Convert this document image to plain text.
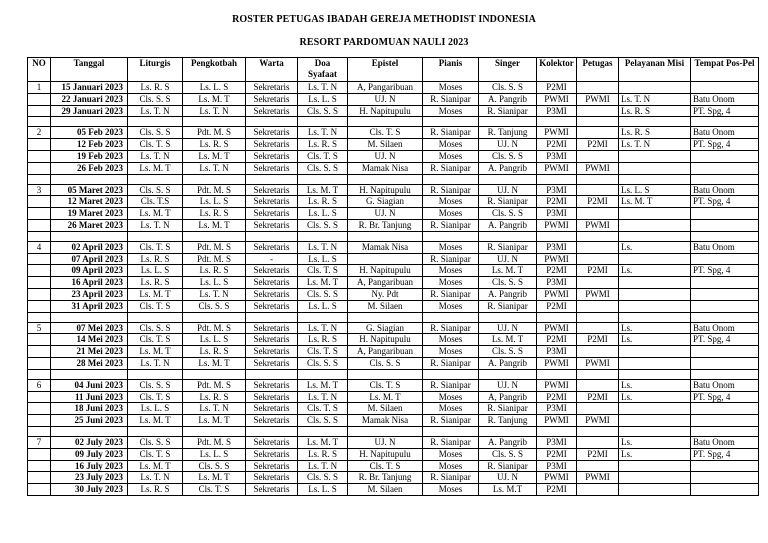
ROSTER PETUGAS IBADAH GEREJA METHODIST INDONESIA
RESORT PARDOMUAN NAULI 2023
NO	Tanggal	Liturgis	Pengkotbah	Warta	Doa Syafaat	Epistel	Pianis	Singer	Kolektor	Petugas	Pelayanan Misi	Tempat Pos-Pel
1	15 Januari 2023	Ls. R. S	Ls. L. S	Sekretaris	Ls. T. N	A, Pangaribuan	Moses	Cls. S. S	P2MI			
	22 Januari 2023	Cls. S. S	Ls. M. T	Sekretaris	Ls. L. S	UJ. N	R. Sianipar	A. Pangrib	PWMI	PWMI	Ls. T. N	Batu Onom
	29 Januari 2023	Ls. T. N	Ls. T. N	Sekretaris	Cls. S. S	H. Napitupulu	Moses	R. Sianipar	P3MI		Ls. R. S	PT. Spg, 4

2	05 Feb 2023	Cls. S. S	Pdt. M. S	Sekretaris	Ls. T. N	Cls. T. S	R. Sianipar	R. Tanjung	PWMI		Ls. R. S	Batu Onom
	12 Feb 2023	Cls. T. S	Ls. R. S	Sekretaris	Ls. R. S	M. Silaen	Moses	UJ. N	P2MI	P2MI	Ls. T. N	PT. Spg, 4
	19 Feb 2023	Ls. T. N	Ls. M. T	Sekretaris	Cls. T. S	UJ. N	Moses	Cls. S. S	P3MI			
	26 Feb 2023	Ls. M. T	Ls. T. N	Sekretaris	Cls. S. S	Mamak Nisa	R. Sianipar	A. Pangrib	PWMI	PWMI		

3	05 Maret 2023	Cls. S. S	Pdt. M. S	Sekretaris	Ls. M. T	H. Napitupulu	R. Sianipar	UJ. N	P3MI		Ls. L. S	Batu Onom
	12 Maret 2023	Cls. T.S	Ls. L. S	Sekretaris	Ls. R. S	G. Siagian	Moses	R. Sianipar	P2MI	P2MI	Ls. M. T	PT. Spg, 4
	19 Maret 2023	Ls. M. T	Ls. R. S	Sekretaris	Ls. L. S	UJ. N	Moses	Cls. S. S	P3MI			
	26 Maret 2023	Ls. T. N	Ls. M. T	Sekretaris	Cls. S. S	R. Br. Tanjung	R. Sianipar	A. Pangrib	PWMI	PWMI		

4	02 April 2023	Cls. T. S	Pdt. M. S	Sekretaris	Ls. T. N	Mamak Nisa	Moses	R. Sianipar	P3MI		Ls.	Batu Onom
	07 April 2023	Ls. R. S	Pdt. M. S	-	Ls. L. S		R. Sianipar	UJ. N	PWMI			
	09 April 2023	Ls. L. S	Ls. R. S	Sekretaris	Cls. T. S	H. Napitupulu	Moses	Ls. M. T	P2MI	P2MI	Ls.	PT. Spg, 4
	16 April 2023	Ls. R. S	Ls. L. S	Sekretaris	Ls. M. T	A, Pangaribuan	Moses	Cls. S. S	P3MI			
	23 April 2023	Ls. M. T	Ls. T. N	Sekretaris	Cls. S. S	Ny. Pdt	R. Sianipar	A. Pangrib	PWMI	PWMI		
	31 April 2023	Cls. T. S	Cls. S. S	Sekretaris	Ls. L. S	M. Silaen	Moses	R. Sianipar	P2MI			

5	07 Mei 2023	Cls. S. S	Pdt. M. S	Sekretaris	Ls. T. N	G. Siagian	R. Sianipar	UJ. N	PWMI		Ls.	Batu Onom
	14 Mei 2023	Cls. T. S	Ls. L. S	Sekretaris	Ls. R. S	H. Napitupulu	Moses	Ls. M. T	P2MI	P2MI	Ls.	PT. Spg, 4
	21 Mei 2023	Ls. M. T	Ls. R. S	Sekretaris	Cls. T. S	A, Pangaribuan	Moses	Cls. S. S	P3MI			
	28 Mei 2023	Ls. T. N	Ls. M. T	Sekretaris	Cls. S. S	Cls. S. S	R. Sianipar	A. Pangrib	PWMI	PWMI		

6	04 Juni 2023	Cls. S. S	Pdt. M. S	Sekretaris	Ls. M. T	Cls. T. S	R. Sianipar	UJ. N	PWMI		Ls.	Batu Onom
	11 Juni 2023	Cls. T. S	Ls. R. S	Sekretaris	Ls. T. N	Ls. M. T	Moses	A, Pangrib	P2MI	P2MI	Ls.	PT. Spg, 4
	18 Juni 2023	Ls. L. S	Ls. T. N	Sekretaris	Cls. T. S	M. Silaen	Moses	R. Sianipar	P3MI			
	25 Juni 2023	Ls. M. T	Ls. M. T	Sekretaris	Cls. S. S	Mamak Nisa	R. Sianipar	R. Tanjung	PWMI	PWMI		

7	02 July 2023	Cls. S. S	Pdt. M. S	Sekretaris	Ls. M. T	UJ. N	R. Sianipar	A. Pangrib	P3MI		Ls.	Batu Onom
	09 July 2023	Cls. T. S	Ls. L. S	Sekretaris	Ls. R. S	H. Napitupulu	Moses	Cls. S. S	P2MI	P2MI	Ls.	PT. Spg, 4
	16 July 2023	Ls. M. T	Cls. S. S	Sekretaris	Ls. T. N	Cls. T. S	Moses	R. Sianipar	P3MI			
	23 July 2023	Ls. T. N	Ls. M. T	Sekretaris	Cls. S. S	R. Br. Tanjung	R. Sianipar	UJ. N	PWMI	PWMI		
	30 July 2023	Ls. R. S	Cls. T. S	Sekretaris	Ls. L. S	M. Silaen	Moses	Ls. M.T	P2MI			
